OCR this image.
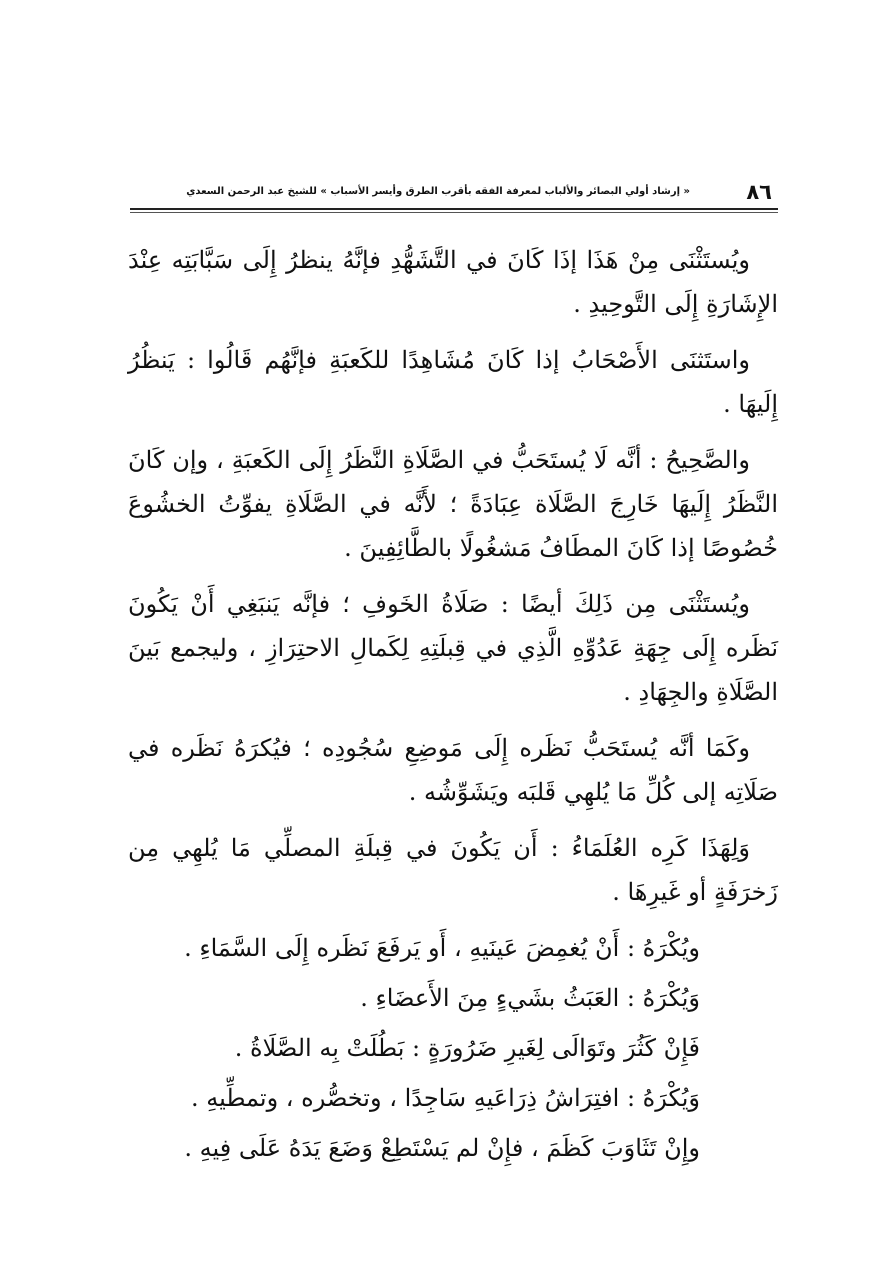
٨٦
« إرشاد أولي البصائر والألباب لمعرفة الفقه بأقرب الطرق وأيسر الأسباب » للشيخ عبد الرحمن السعدي

ويُستَثْنَى مِنْ هَذَا إذَا كَانَ في التَّشَهُّدِ فإنَّهُ ينظرُ إِلَى سَبَّابَتِه عِنْدَ الإِشَارَةِ إِلَى التَّوحِيدِ .

واستَثنَى الأَصْحَابُ إذا كَانَ مُشَاهِدًا للكَعبَةِ فإنَّهُم قَالُوا : يَنظُرُ إِلَيهَا .

والصَّحِيحُ : أنَّه لَا يُستَحَبُّ في الصَّلَاةِ النَّظَرُ إِلَى الكَعبَةِ ، وإن كَانَ النَّظَرُ إِلَيهَا خَارِجَ الصَّلَاة عِبَادَةً ؛ لأَنَّه في الصَّلَاةِ يفوِّتُ الخشُوعَ خُصُوصًا إذا كَانَ المطَافُ مَشغُولًا بالطَّائِفِينَ .

ويُستَثْنَى مِن ذَلِكَ أيضًا : صَلَاةُ الخَوفِ ؛ فإنَّه يَنبَغِي أَنْ يَكُونَ نَظَره إِلَى جِهَةِ عَدُوِّهِ الَّذِي في قِبلَتِهِ لِكَمالِ الاحتِرَازِ ، وليجمع بَينَ الصَّلَاةِ والجِهَادِ .

وكَمَا أنَّه يُستَحَبُّ نَظَره إِلَى مَوضِعِ سُجُودِه ؛ فيُكرَهُ نَظَره في صَلَاتِه إلى كُلِّ مَا يُلهِي قَلبَه ويَشَوِّشُه .

وَلِهَذَا كَرِه العُلَمَاءُ : أَن يَكُونَ في قِبلَةِ المصلِّي مَا يُلهِي مِن زَخرَفَةٍ أو غَيرِهَا .

ويُكْرَهُ : أَنْ يُغمِضَ عَينَيهِ ، أَو يَرفَعَ نَظَره إِلَى السَّمَاءِ .

وَيُكْرَهُ : العَبَثُ بشَيءٍ مِنَ الأَعضَاءِ .

فَإِنْ كَثُرَ وتَوَالَى لِغَيرِ ضَرُورَةٍ : بَطُلَتْ بِه الصَّلَاةُ .

وَيُكْرَهُ : افتِرَاشُ ذِرَاعَيهِ سَاجِدًا ، وتخصُّره ، وتمطِّيهِ .

وإِنْ تَثَاوَبَ كَظَمَ ، فإِنْ لم يَسْتَطِعْ وَضَعَ يَدَهُ عَلَى فِيهِ .
